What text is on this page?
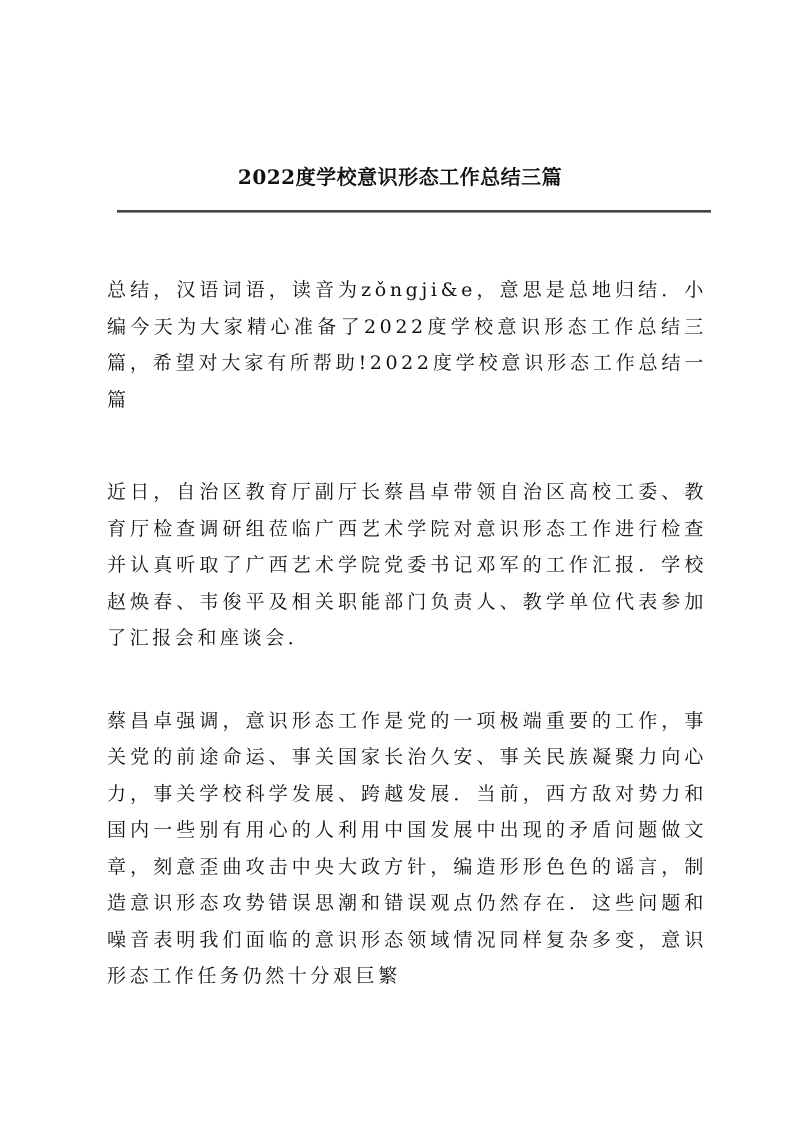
2022度学校意识形态工作总结三篇

总结，汉语词语，读音为zǒngji&e，意思是总地归结．小编今天为大家精心准备了2022度学校意识形态工作总结三篇，希望对大家有所帮助!2022度学校意识形态工作总结一篇

近日，自治区教育厅副厅长蔡昌卓带领自治区高校工委、教育厅检查调研组莅临广西艺术学院对意识形态工作进行检查并认真听取了广西艺术学院党委书记邓军的工作汇报．学校赵焕春、韦俊平及相关职能部门负责人、教学单位代表参加了汇报会和座谈会．

蔡昌卓强调，意识形态工作是党的一项极端重要的工作，事关党的前途命运、事关国家长治久安、事关民族凝聚力向心力，事关学校科学发展、跨越发展．当前，西方敌对势力和国内一些别有用心的人利用中国发展中出现的矛盾问题做文章，刻意歪曲攻击中央大政方针，编造形形色色的谣言，制造意识形态攻势错误思潮和错误观点仍然存在．这些问题和噪音表明我们面临的意识形态领域情况同样复杂多变，意识形态工作任务仍然十分艰巨繁
